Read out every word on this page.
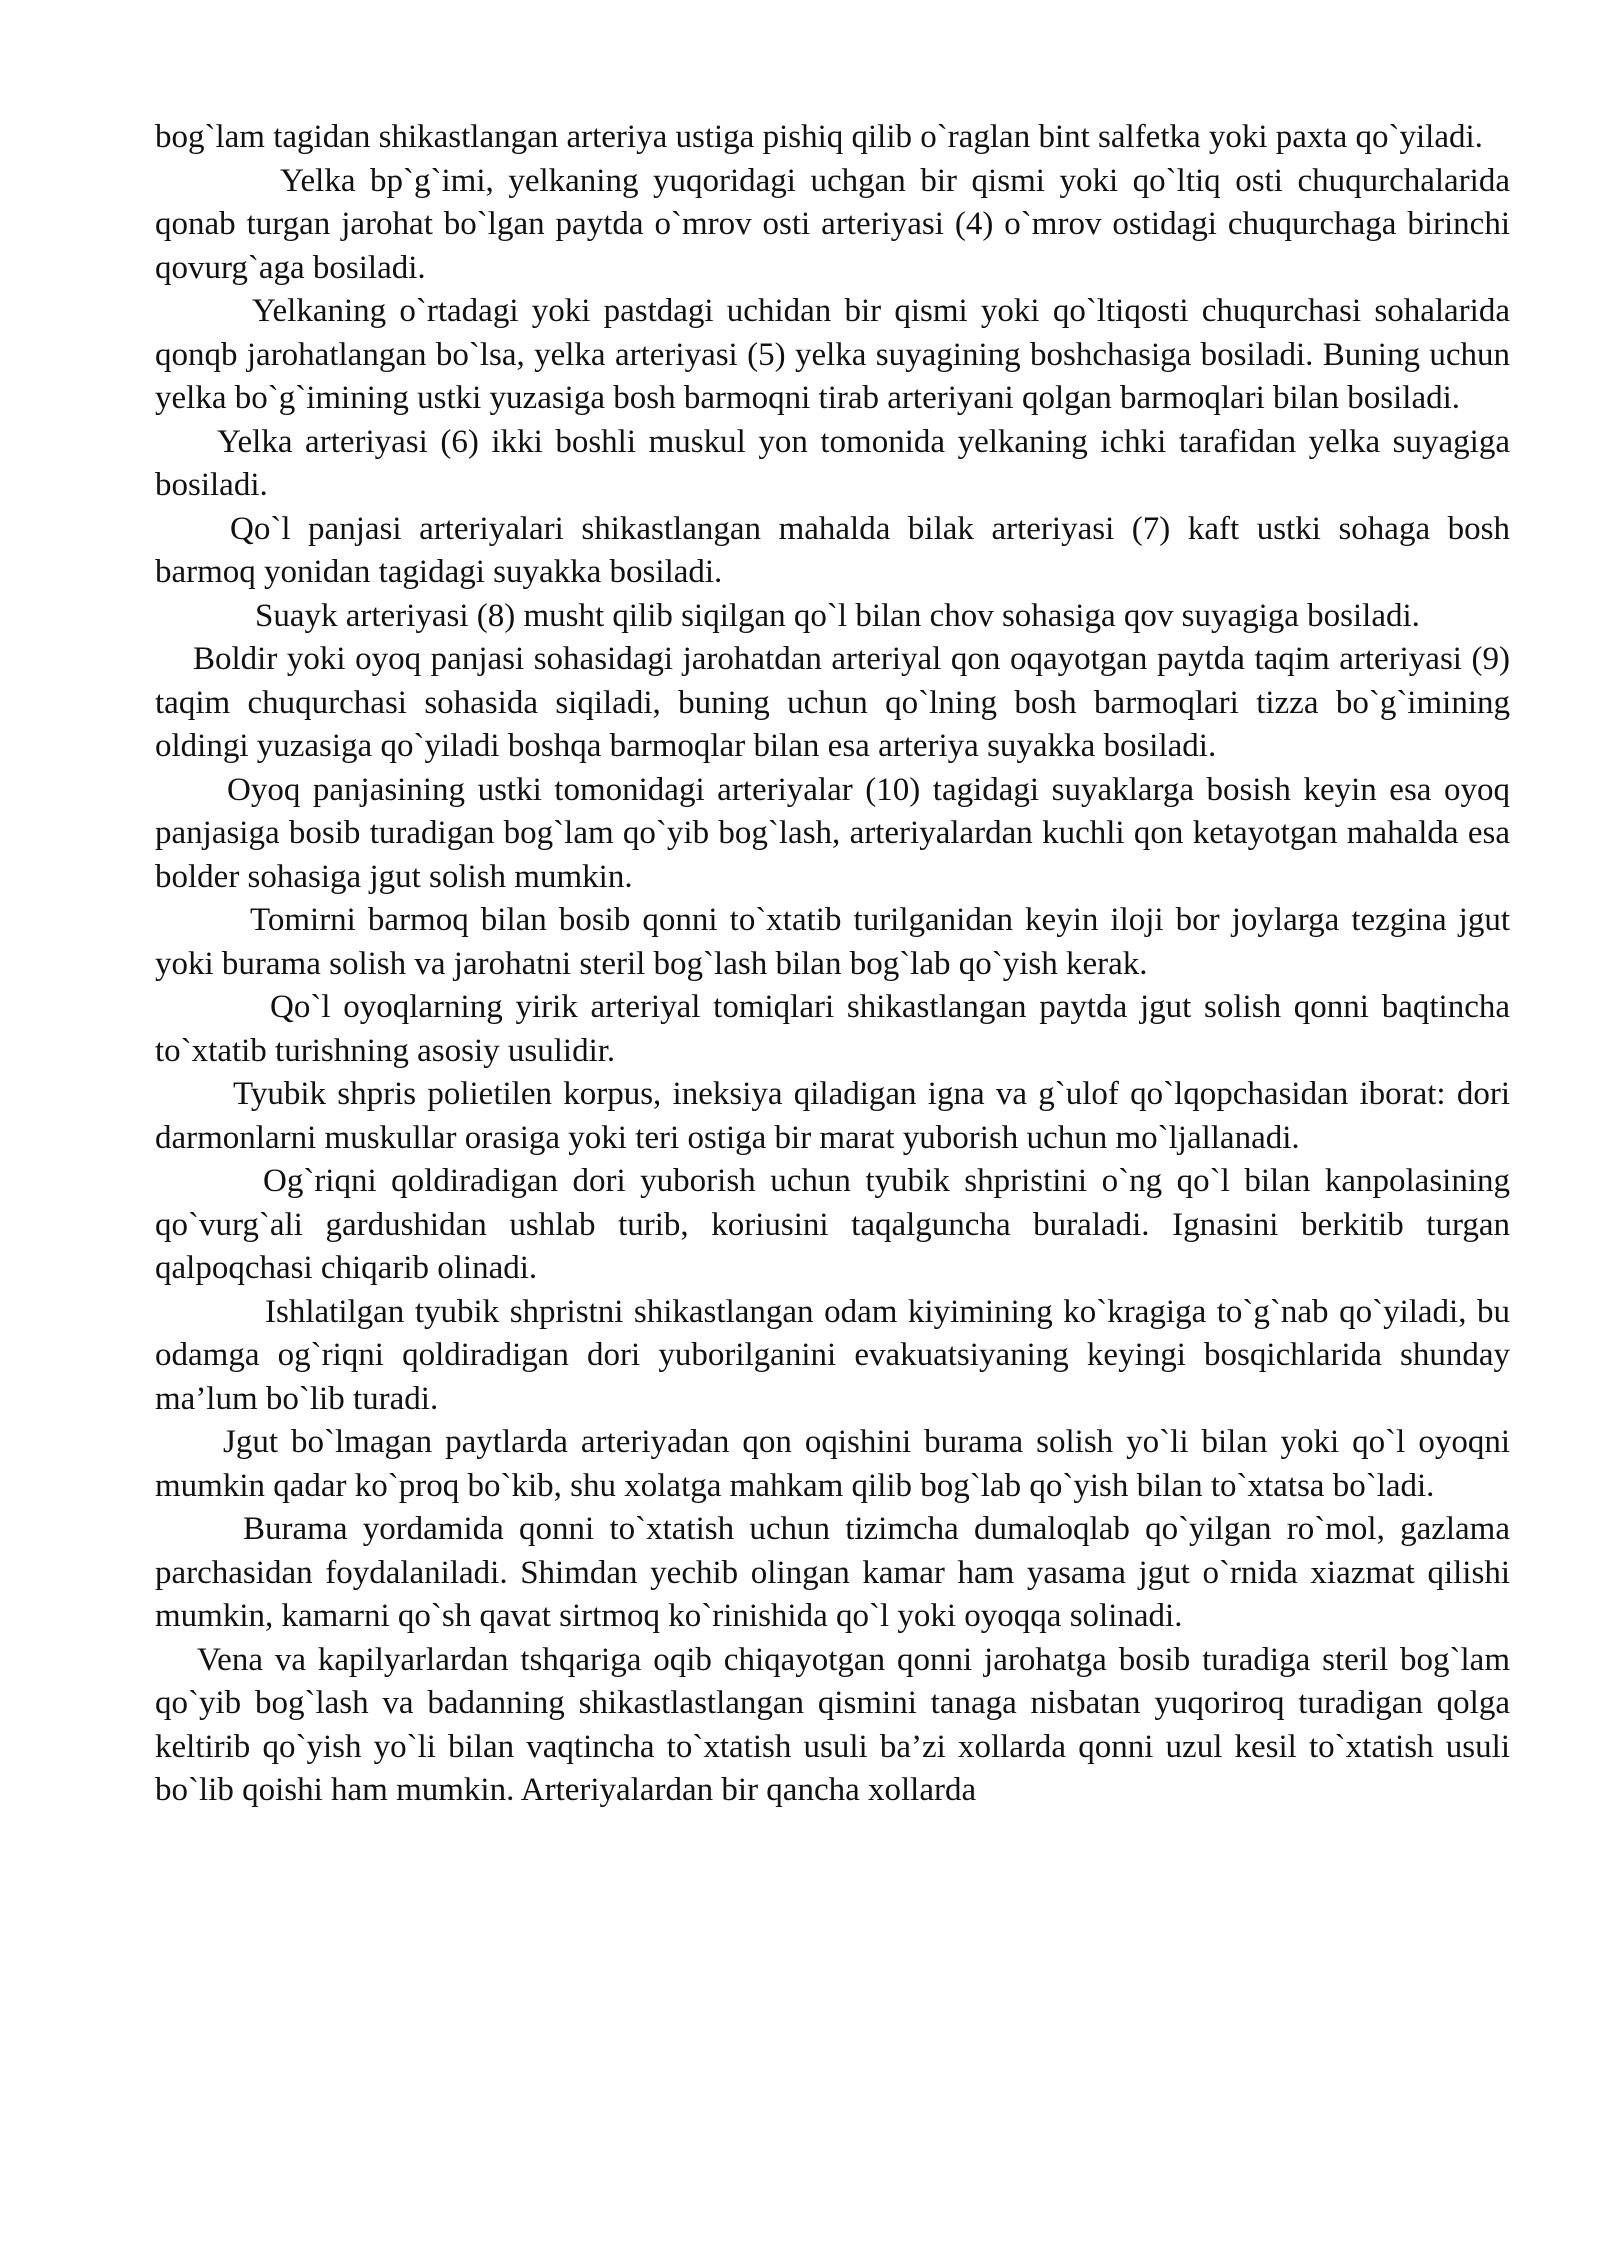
bog`lam tagidan shikastlangan arteriya ustiga pishiq qilib o`raglan bint salfetka yoki paxta qo`yiladi.

Yelka bp`g`imi, yelkaning yuqoridagi uchgan bir qismi yoki qo`ltiq osti chuqurchalarida qonab turgan jarohat bo`lgan paytda o`mrov osti arteriyasi (4) o`mrov ostidagi chuqurchaga birinchi qovurg`aga bosiladi.

Yelkaning o`rtadagi yoki pastdagi uchidan bir qismi yoki qo`ltiqosti chuqurchasi sohalarida qonqb jarohatlangan bo`lsa, yelka arteriyasi (5) yelka suyagining boshchasiga bosiladi. Buning uchun yelka bo`g`imining ustki yuzasiga bosh barmoqni tirab arteriyani qolgan barmoqlari bilan bosiladi.

Yelka arteriyasi (6) ikki boshli muskul yon tomonida yelkaning ichki tarafidan yelka suyagiga bosiladi.

Qo`l panjasi arteriyalari shikastlangan mahalda bilak arteriyasi (7) kaft ustki sohaga bosh barmoq yonidan tagidagi suyakka bosiladi.

Suayk arteriyasi (8) musht qilib siqilgan qo`l bilan chov sohasiga qov suyagiga bosiladi.

Boldir yoki oyoq panjasi sohasidagi jarohatdan arteriyal qon oqayotgan paytda taqim arteriyasi (9) taqim chuqurchasi sohasida siqiladi, buning uchun qo`lning bosh barmoqlari tizza bo`g`imining oldingi yuzasiga qo`yiladi boshqa barmoqlar bilan esa arteriya suyakka bosiladi.

Oyoq panjasining ustki tomonidagi arteriyalar (10) tagidagi suyaklarga bosish keyin esa oyoq panjasiga bosib turadigan bog`lam qo`yib bog`lash, arteriyalardan kuchli qon ketayotgan mahalda esa bolder sohasiga jgut solish mumkin.

Tomirni barmoq bilan bosib qonni to`xtatib turilganidan keyin iloji bor joylarga tezgina jgut yoki burama solish va jarohatni steril bog`lash bilan bog`lab qo`yish kerak.

Qo`l oyoqlarning yirik arteriyal tomiqlari shikastlangan paytda jgut solish qonni baqtincha to`xtatib turishning asosiy usulidir.

Tyubik shpris polietilen korpus, ineksiya qiladigan igna va g`ulof qo`lqopchasidan iborat: dori darmonlarni muskullar orasiga yoki teri ostiga bir marat yuborish uchun mo`ljallanadi.

Og`riqni qoldiradigan dori yuborish uchun tyubik shpristini o`ng qo`l bilan kanpolasining qo`vurg`ali gardushidan ushlab turib, koriusini taqalguncha buraladi. Ignasini berkitib turgan qalpoqchasi chiqarib olinadi.

Ishlatilgan tyubik shpristni shikastlangan odam kiyimining ko`kragiga to`g`nab qo`yiladi, bu odamga og`riqni qoldiradigan dori yuborilganini evakuatsiyaning keyingi bosqichlarida shunday ma’lum bo`lib turadi.

Jgut bo`lmagan paytlarda arteriyadan qon oqishini burama solish yo`li bilan yoki qo`l oyoqni mumkin qadar ko`proq bo`kib, shu xolatga mahkam qilib bog`lab qo`yish bilan to`xtatsa bo`ladi.

Burama yordamida qonni to`xtatish uchun tizimcha dumaloqlab qo`yilgan ro`mol, gazlama parchasidan foydalaniladi. Shimdan yechib olingan kamar ham yasama jgut o`rnida xiazmat qilishi mumkin, kamarni qo`sh qavat sirtmoq ko`rinishida qo`l yoki oyoqqa solinadi.

Vena va kapilyarlardan tshqariga oqib chiqayotgan qonni jarohatga bosib turadiga steril bog`lam qo`yib bog`lash va badanning shikastlastlangan qismini tanaga nisbatan yuqoriroq turadigan qolga keltirib qo`yish yo`li bilan vaqtincha to`xtatish usuli ba’zi xollarda qonni uzul kesil to`xtatish usuli bo`lib qoishi ham mumkin. Arteriyalardan bir qancha xollarda
